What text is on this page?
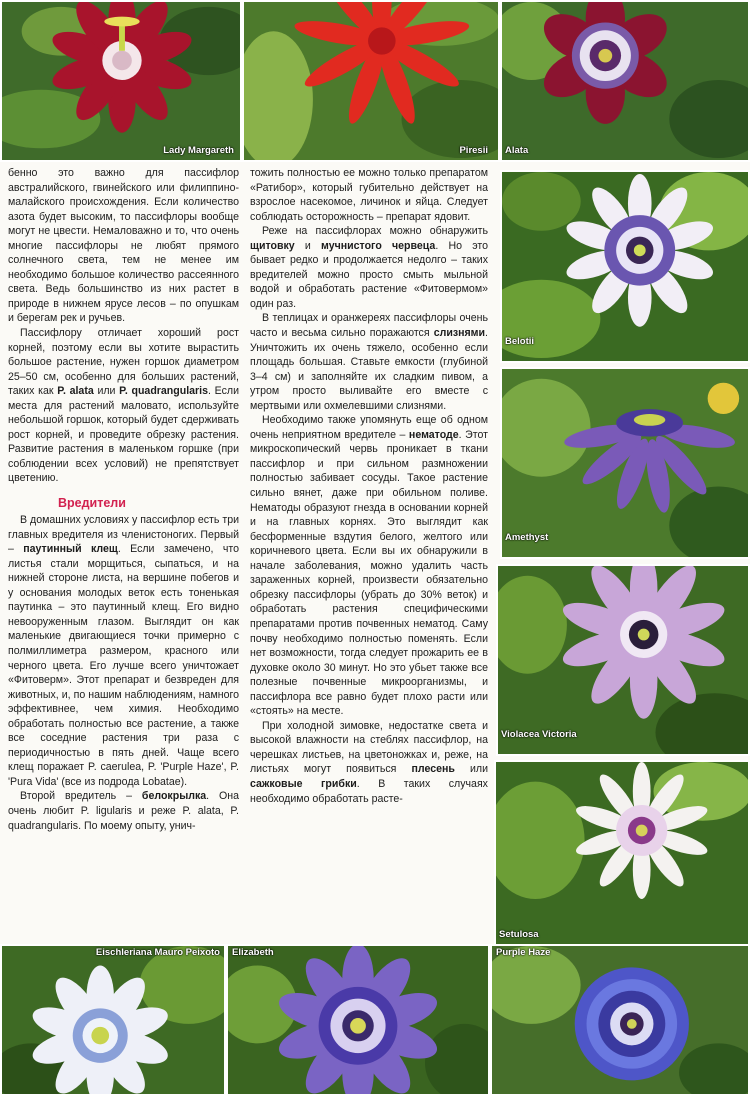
Lady Margareth	Piresii Alata
Belotii
Amethyst
Violacea Victoria
Setulosa
Eischleriana Mauro Peixoto Elizabeth	Purple Haze

бенно это важно для пассифлор австралийского, гвинейского или филиппино-малайского происхождения. Если количество азота будет высоким, то пассифлоры вообще могут не цвести. Немаловажно и то, что очень многие пассифлоры не любят прямого солнечного света, тем не менее им необходимо большое количество рассеянного света. Ведь большинство из них растет в природе в нижнем ярусе лесов – по опушкам и берегам рек и ручьев.

Пассифлору отличает хороший рост корней, поэтому если вы хотите вырастить большое растение, нужен горшок диаметром 25–50 см, особенно для больших растений, таких как P. alata или P. quadrangularis. Если места для растений маловато, используйте небольшой горшок, который будет сдерживать рост корней, и проведите обрезку растения. Развитие растения в маленьком горшке (при соблюдении всех условий) не препятствует цветению.

Вредители

В домашних условиях у пассифлор есть три главных вредителя из членистоногих. Первый – паутинный клещ. Если замечено, что листья стали морщиться, сыпаться, и на нижней стороне листа, на вершине побегов и у основания молодых веток есть тоненькая паутинка – это паутинный клещ. Его видно невооруженным глазом. Выглядит он как маленькие двигающиеся точки примерно с полмиллиметра размером, красного или черного цвета. Его лучше всего уничтожает «Фитоверм». Этот препарат и безвреден для животных, и, по нашим наблюдениям, намного эффективнее, чем химия. Необходимо обработать полностью все растение, а также все соседние растения три раза с периодичностью в пять дней. Чаще всего клещ поражает P. caerulea, P. 'Purple Haze', P. 'Pura Vida' (все из подрода Lobatae).

Второй вредитель – белокрылка. Она очень любит P. ligularis и реже P. alata, P. quadrangularis. По моему опыту, унич-

тожить полностью ее можно только препаратом «Ратибор», который губительно действует на взрослое насекомое, личинок и яйца. Следует соблюдать осторожность – препарат ядовит.

Реже на пассифлорах можно обнаружить щитовку и мучнистого червеца. Но это бывает редко и продолжается недолго – таких вредителей можно просто смыть мыльной водой и обработать растение «Фитовермом» один раз.

В теплицах и оранжереях пассифлоры очень часто и весьма сильно поражаются слизнями. Уничтожить их очень тяжело, особенно если площадь большая. Ставьте емкости (глубиной 3–4 см) и заполняйте их сладким пивом, а утром просто выливайте его вместе с мертвыми или охмелевшими слизнями.

Необходимо также упомянуть еще об одном очень неприятном вредителе – нематоде. Этот микроскопический червь проникает в ткани пассифлор и при сильном размножении полностью забивает сосуды. Такое растение сильно вянет, даже при обильном поливе. Нематоды образуют гнезда в основании корней и на главных корнях. Это выглядит как бесформенные вздутия белого, желтого или коричневого цвета. Если вы их обнаружили в начале заболевания, можно удалить часть зараженных корней, произвести обязательно обрезку пассифлоры (убрать до 30% веток) и обработать растения специфическими препаратами против почвенных нематод. Саму почву необходимо полностью поменять. Если нет возможности, тогда следует прожарить ее в духовке около 30 минут. Но это убьет также все полезные почвенные микроорганизмы, и пассифлора все равно будет плохо расти или «стоять» на месте.

При холодной зимовке, недостатке света и высокой влажности на стеблях пассифлор, на черешках листьев, на цветоножках и, реже, на листьях могут появиться плесень или сажковые грибки. В таких случаях необходимо обработать расте-
